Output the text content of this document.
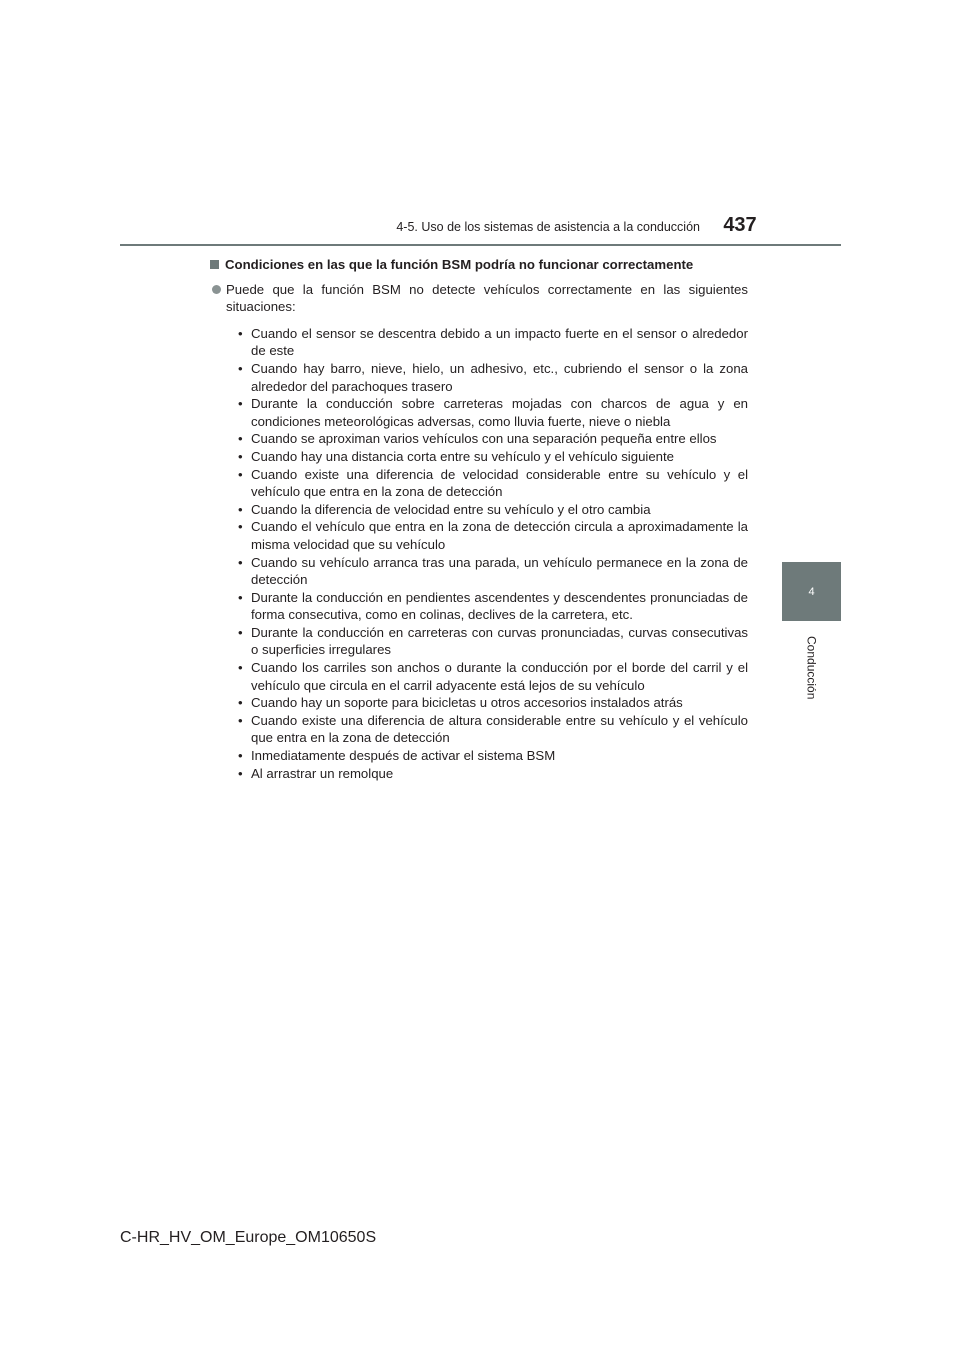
4-5. Uso de los sistemas de asistencia a la conducción	437
4
Conducción
Condiciones en las que la función BSM podría no funcionar correctamente
Puede que la función BSM no detecte vehículos correctamente en las siguientes situaciones:
• Cuando el sensor se descentra debido a un impacto fuerte en el sensor o alrededor de este
• Cuando hay barro, nieve, hielo, un adhesivo, etc., cubriendo el sensor o la zona alrededor del parachoques trasero
• Durante la conducción sobre carreteras mojadas con charcos de agua y en condiciones meteorológicas adversas, como lluvia fuerte, nieve o niebla
• Cuando se aproximan varios vehículos con una separación pequeña entre ellos
• Cuando hay una distancia corta entre su vehículo y el vehículo siguiente
• Cuando existe una diferencia de velocidad considerable entre su vehículo y el vehículo que entra en la zona de detección
• Cuando la diferencia de velocidad entre su vehículo y el otro cambia
• Cuando el vehículo que entra en la zona de detección circula a aproximadamente la misma velocidad que su vehículo
• Cuando su vehículo arranca tras una parada, un vehículo permanece en la zona de detección
• Durante la conducción en pendientes ascendentes y descendentes pronunciadas de forma consecutiva, como en colinas, declives de la carretera, etc.
• Durante la conducción en carreteras con curvas pronunciadas, curvas consecutivas o superficies irregulares
• Cuando los carriles son anchos o durante la conducción por el borde del carril y el vehículo que circula en el carril adyacente está lejos de su vehículo
• Cuando hay un soporte para bicicletas u otros accesorios instalados atrás
• Cuando existe una diferencia de altura considerable entre su vehículo y el vehículo que entra en la zona de detección
• Inmediatamente después de activar el sistema BSM
• Al arrastrar un remolque
C-HR_HV_OM_Europe_OM10650S
